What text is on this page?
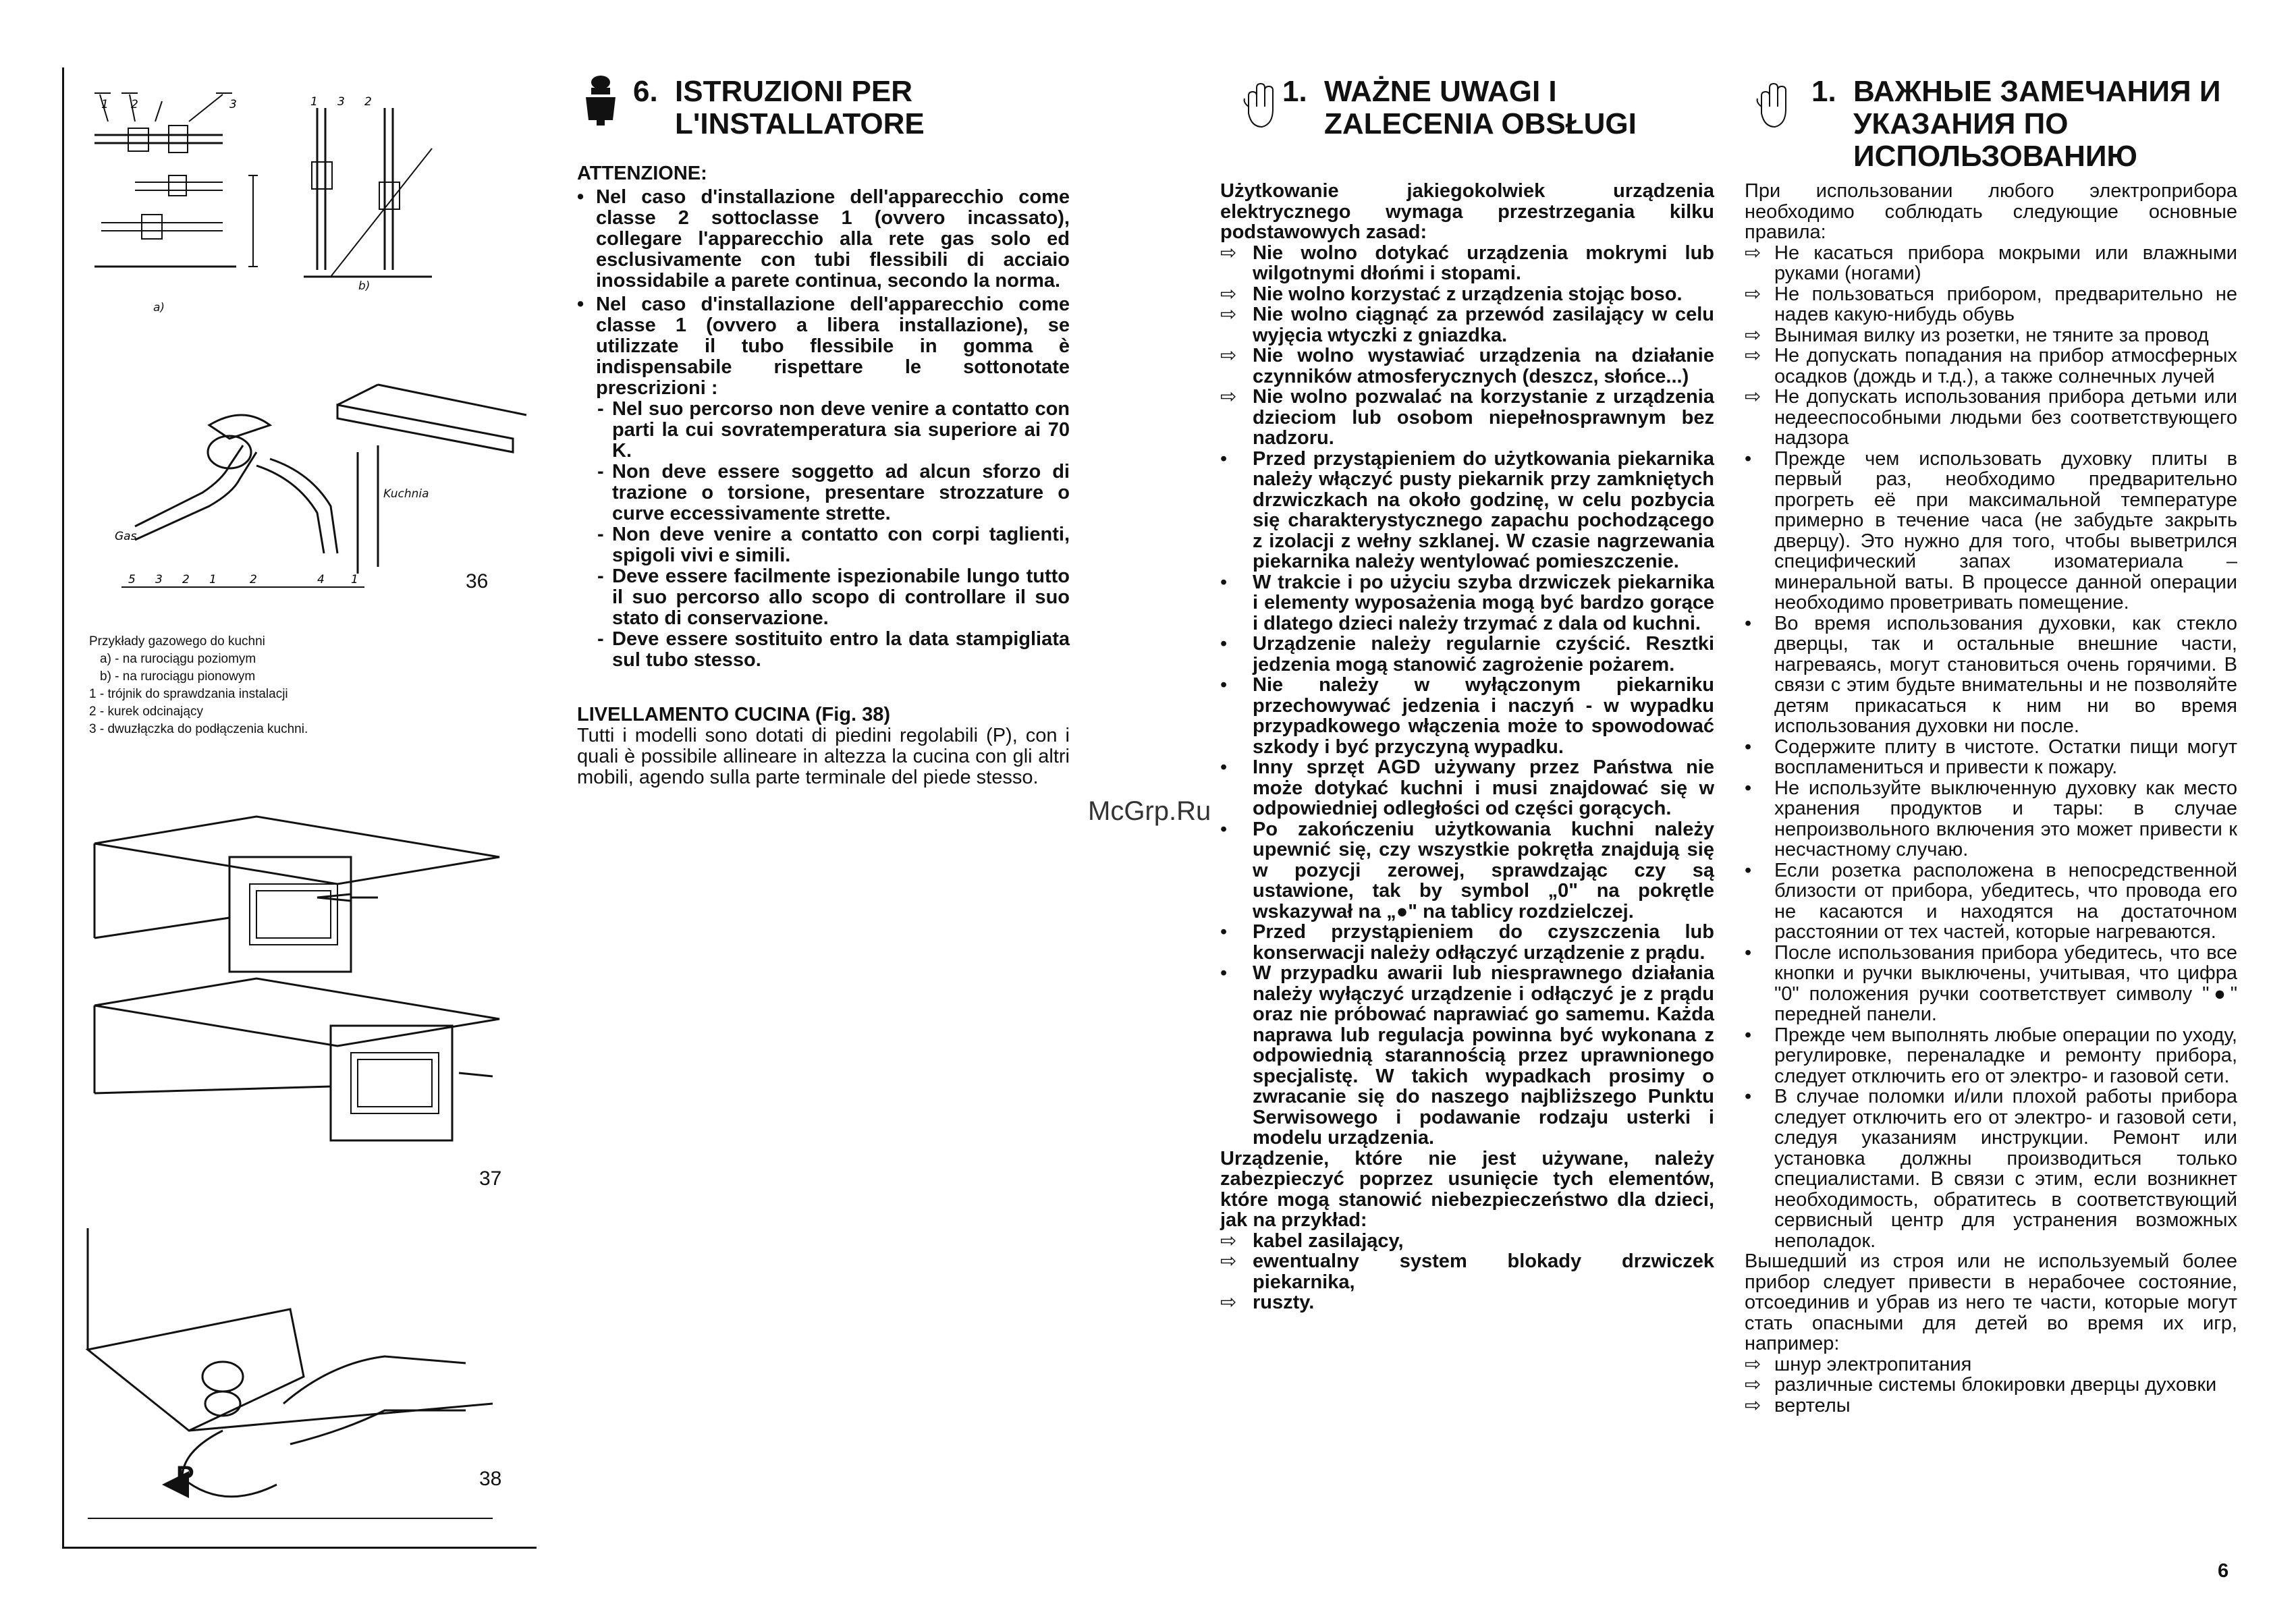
1 2	3	1 3 2
a)
b)
Gas
5 3 2 1	2	4 1
Kuchnia
36
Przykłady gazowego do kuchni
a) - na rurociągu poziomym
b) - na rurociągu pionowym
1 - trójnik do sprawdzania instalacji
2 - kurek odcinający
3 - dwuzłączka do podłączenia kuchni.
37
P	38
6. ISTRUZIONI PER
L'INSTALLATORE
ATTENZIONE:
• Nel caso d'installazione dell'apparecchio come classe 2 sottoclasse 1 (ovvero incassato), collegare l'apparecchio alla rete gas solo ed esclusivamente con tubi flessibili di acciaio inossidabile a parete continua, secondo la norma.
• Nel caso d'installazione dell'apparecchio come classe 1 (ovvero a libera installazione), se utilizzate il tubo flessibile in gomma è indispensabile rispettare le sottonotate prescrizioni :
- Nel suo percorso non deve venire a contatto con parti la cui sovratemperatura sia superiore ai 70 K.
- Non deve essere soggetto ad alcun sforzo di trazione o torsione, presentare strozzature o curve eccessivamente strette.
- Non deve venire a contatto con corpi taglienti, spigoli vivi e simili.
- Deve essere facilmente ispezionabile lungo tutto il suo percorso allo scopo di controllare il suo stato di conservazione.
- Deve essere sostituito entro la data stampigliata sul tubo stesso.
LIVELLAMENTO CUCINA (Fig. 38)
Tutti i modelli sono dotati di piedini regolabili (P), con i quali è possibile allineare in altezza la cucina con gli altri mobili, agendo sulla parte terminale del piede stesso.
McGrp.Ru
1. WAŻNE UWAGI I
ZALECENIA OBSŁUGI
Użytkowanie jakiegokolwiek urządzenia elektrycznego wymaga przestrzegania kilku podstawowych zasad:
⇨ Nie wolno dotykać urządzenia mokrymi lub wilgotnymi dłońmi i stopami.
⇨ Nie wolno korzystać z urządzenia stojąc boso.
⇨ Nie wolno ciągnąć za przewód zasilający w celu wyjęcia wtyczki z gniazdka.
⇨ Nie wolno wystawiać urządzenia na działanie czynników atmosferycznych (deszcz, słońce...)
⇨ Nie wolno pozwalać na korzystanie z urządzenia dzieciom lub osobom niepełnosprawnym bez nadzoru.
•	Przed przystąpieniem do użytkowania piekarnika należy włączyć pusty piekarnik przy zamkniętych drzwiczkach na około godzinę, w celu pozbycia się charakterystycznego zapachu pochodzącego z izolacji z wełny szklanej. W czasie nagrzewania piekarnika należy wentylować pomieszczenie.
•	W trakcie i po użyciu szyba drzwiczek piekarnika i elementy wyposażenia mogą być bardzo gorące i dlatego dzieci należy trzymać z dala od kuchni.
•	Urządzenie należy regularnie czyścić. Resztki jedzenia mogą stanowić zagrożenie pożarem.
•	Nie należy w wyłączonym piekarniku przechowywać jedzenia i naczyń - w wypadku przypadkowego włączenia może to spowodować szkody i być przyczyną wypadku.
•	Inny sprzęt AGD używany przez Państwa nie może dotykać kuchni i musi znajdować się w odpowiedniej odległości od części gorących.
•	Po zakończeniu użytkowania kuchni należy upewnić się, czy wszystkie pokrętła znajdują się w pozycji zerowej, sprawdzając czy są ustawione, tak by symbol „0" na pokrętle wskazywał na „●" na tablicy rozdzielczej.
•	Przed przystąpieniem do czyszczenia lub konserwacji należy odłączyć urządzenie z prądu.
•	W przypadku awarii lub niesprawnego działania należy wyłączyć urządzenie i odłączyć je z prądu oraz nie próbować naprawiać go samemu. Każda naprawa lub regulacja powinna być wykonana z odpowiednią starannością przez uprawnionego specjalistę. W takich wypadkach prosimy o zwracanie się do naszego najbliższego Punktu Serwisowego i podawanie rodzaju usterki i modelu urządzenia.
Urządzenie, które nie jest używane, należy zabezpieczyć poprzez usunięcie tych elementów, które mogą stanowić niebezpieczeństwo dla dzieci, jak na przykład:
⇨ kabel zasilający,
⇨ ewentualny system blokady drzwiczek piekarnika,
⇨ ruszty.
1. ВАЖНЫЕ ЗАМЕЧАНИЯ И
УКАЗАНИЯ ПО
ИСПОЛЬЗОВАНИЮ
При использовании любого электроприбора необходимо соблюдать следующие основные правила:
⇨ Не касаться прибора мокрыми или влажными руками (ногами)
⇨ Не пользоваться прибором, предварительно не надев какую-нибудь обувь
⇨ Вынимая вилку из розетки, не тяните за провод
⇨ Не допускать попадания на прибор атмосферных осадков (дождь и т.д.), а также солнечных лучей
⇨ Не допускать использования прибора детьми или недееспособными людьми без соответствующего надзора
•	Прежде чем использовать духовку плиты в первый раз, необходимо предварительно прогреть её при максимальной температуре примерно в течение часа (не забудьте закрыть дверцу). Это нужно для того, чтобы выветрился специфический запах изоматериала – минеральной ваты. В процессе данной операции необходимо проветривать помещение.
•	Во время использования духовки, как стекло дверцы, так и остальные внешние части, нагреваясь, могут становиться очень горячими. В связи с этим будьте внимательны и не позволяйте детям прикасаться к ним ни во время использования духовки ни после.
•	Содержите плиту в чистоте. Остатки пищи могут воспламениться и привести к пожару.
•	Не используйте выключенную духовку как место хранения продуктов и тары: в случае непроизвольного включения это может привести к несчастному случаю.
•	Если розетка расположена в непосредственной близости от прибора, убедитесь, что провода его не касаются и находятся на достаточном расстоянии от тех частей, которые нагреваются.
•	После использования прибора убедитесь, что все кнопки и ручки выключены, учитывая, что цифра "0" положения ручки соответствует символу "●" передней панели.
•	Прежде чем выполнять любые операции по уходу, регулировке, переналадке и ремонту прибора, следует отключить его от электро- и газовой сети.
•	В случае поломки и/или плохой работы прибора следует отключить его от электро- и газовой сети, следуя указаниям инструкции. Ремонт или установка должны производиться только специалистами. В связи с этим, если возникнет необходимость, обратитесь в соответствующий сервисный центр для устранения возможных неполадок.
Вышедший из строя или не используемый более прибор следует привести в нерабочее состояние, отсоединив и убрав из него те части, которые могут стать опасными для детей во время их игр, например:
⇨ шнур электропитания
⇨ различные системы блокировки дверцы духовки
⇨ вертелы
6
